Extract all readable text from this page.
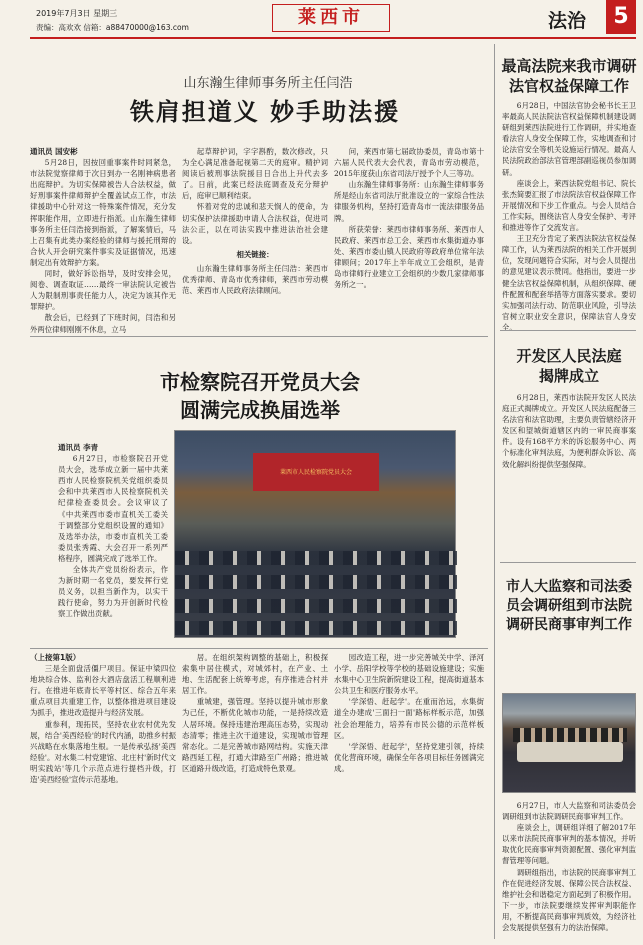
2019年7月3日 星期三
责编：高欢欢 信箱：a88470000@163.com	莱西市	法治	5
山东瀚生律师事务所主任闫浩
铁肩担道义 妙手助法援
通讯员 国安彬

5月28日，因按回重事案件时同紧急，市法院觉察律师于次日到办一名刚神病患者出庭辩护。为切实保障被告人合法权益，做好刑事案件律师辩护全覆盖试点工作，市法律援助中心针对这一特殊案件情况，充分发挥职能作用，立即进行指派。山东瀚生律师事务所主任闫浩接到指派，了解案情后，马上召集有此类办案经验的律师与援托刑辩的合伙人开会研究案件事实及证据情况，迅速制定出有效辩护方案。

同时，做好诉讼指导，及时安排会见，阅卷、调查取证……最终一审法院认定被告人为限制刑事责任能力人，决定为该其作无罪辩护。

散会后，已经到了下班时间，闫浩和另外两位律师刚刚不休息，立马

起草辩护词，字字斟酌，数次修改，只为全心满足准备起视第二天的庭审。精护词阅读后被刑事法院援目日合出上升代去多了。日前，此案已经法庭调查及充分辩护后，庭审已顺利结束。

怀着对党的忠诚和悲天悯人的使命，为切实保护法律援助申请人合法权益，促进司法公正，以在司法实践中推进法治社会建设。

相关链接：

山东瀚生律师事务所主任闫浩：莱西市优秀律师、青岛市优秀律师，莱西市劳动模范、莱西市人民政府法律顾问。

问，莱西市第七届政协委员，青岛市第十六届人民代表大会代表，青岛市劳动模范，2015年度获山东省司法厅授予个人三等功。

山东瀚生律师事务所：山东瀚生律师事务所是经山东省司法厅批准设立的一家综合性法律服务机构，坚持打造青岛市一流法律服务品牌。

所获荣誉：莱西市律师事务所、莱西市人民政府、莱西市总工会、莱西市水集街道办事处、莱西市委山镇人民政府等政府单位常年法律顾问；2017年上半年成立工会组织，是青岛市律师行业建立工会组织的少数几家律师事务所之一。

市检察院召开党员大会
圆满完成换届选举
通讯员 李青

6月27日，市检察院召开党员大会，选举成立新一届中共莱西市人民检察院机关党组织委员会和中共莱西市人民检察院机关纪律检查委员会。会议审议了《中共莱西市委市直机关工委关于调整部分党组织设置的通知》及选举办法，市委市直机关工委委员张秀霞、大会召开一系列严格程序，圆满完成了选举工作。

全体共产党员纷纷表示，作为新时期一名党员，要发挥行党员义务，以担当新作为，以实干践行使命，努力为开创新时代检察工作做出贡献。

莱西市人民检察院党员大会
（上接第1版）

三是全面盘活僵尸项目。保证中梁四位地块综合体、监利谷大酒店盘活工程顺利进行。在推进年底青长平等村区、综合五年来重点项目共重建工作，以整体推进项目建设为抓手，推进改造提升与经济发展。

重参利，现拓民，坚持农业农村优先发展，结合'美西经验'的时代内涵，助推乡村振兴战略在水集落地生根。一是传承弘扬'美西经验'。对水集二村党建馆、北庄村'新时代文明实践站'等几个示范点进行提档升级，打造'美西经验'宣传示范基地。

居。在组织架构调整的基础上，积极探索集中居住模式，对城郊村，在产业、土地、生活配套上统筹考虑，有序推进合村并居工作。

重城建，强管理。坚持以提升城市形象为己任，不断优化城市功能，一是持续改造人居环境。保持违建治理高压态势，实现动态清零；推进主次干道建设，实现城市管理常态化。二是完善城市路网结构。实施天津路西延工程，打通大津路至广州路；推进城区道路升级改造，打造成特色景观。

园改造工程，进一步完善城关中学、泽河小学、岳阳学校等学校的基础设施建设；实施水集中心卫生院新院建设工程，提高街道基本公共卫生和医疗服务水平。

'学深悟、赶起学'。在重而治远，水集街道全办建成'三面扫一面'路标样板示范，加强社会治理能力，培养有市民公德的示范样板区。

'学深悟、赶起学'，坚持党建引领，持续优化营商环境，确保全年各项目标任务圆满完成。

最高法院来我市调研
法官权益保障工作

6月28日，中国法官协会秘书长王卫率最高人民法院法官权益保障机制建设调研组到莱西法院进行工作调研，并实地查看法官人身安全保障工作，实地调查和讨论法官安全等机关设施运行情况。最高人民法院政治部法官管理部副巡视员参加调研。

座谈会上，莱西法院党组书记、院长张杰简要汇报了市法院法官权益保障工作开展情况和下步工作重点。与会人员结合工作实际，围绕法官人身安全保护、考评和推进等作了交流发言。

王卫充分肯定了莱西法院法官权益保障工作，认为莱西法院的相关工作开展到位，发现问题符合实际，对与会人员提出的意见建议表示赞同。他指出，要进一步健全法官权益保障机制，从组织保障、硬件配置和配套举措等方面落实要求。要切实加强司法行动、防范职业风险，引导法官树立职业安全意识，保障法官人身安全。

开发区人民法庭
揭牌成立

6月28日，莱西市法院开发区人民法庭正式揭牌成立。开发区人民法庭配备三名法官和法官助理，主要负责管辖经济开发区和望城街道辖区内的一审民商事案件。设有168平方米的诉讼服务中心、两个标准化审判法庭，为便利群众诉讼、高效化解纠纷提供坚强保障。

市人大监察和司法委
员会调研组到市法院
调研民商事审判工作

6月27日，市人大监察和司法委员会调研组到市法院调研民商事审判工作。

座谈会上，调研组详细了解2017年以来市法院民商事审判的基本情况，并听取优化民商事审判资源配置、强化审判监督管理等问题。

调研组指出，市法院的民商事审判工作在促进经济发展、保障公民合法权益、维护社会和谐稳定方面起到了积极作用。下一步，市法院要继续发挥审判职能作用，不断提高民商事审判质效，为经济社会发展提供坚强有力的法治保障。
